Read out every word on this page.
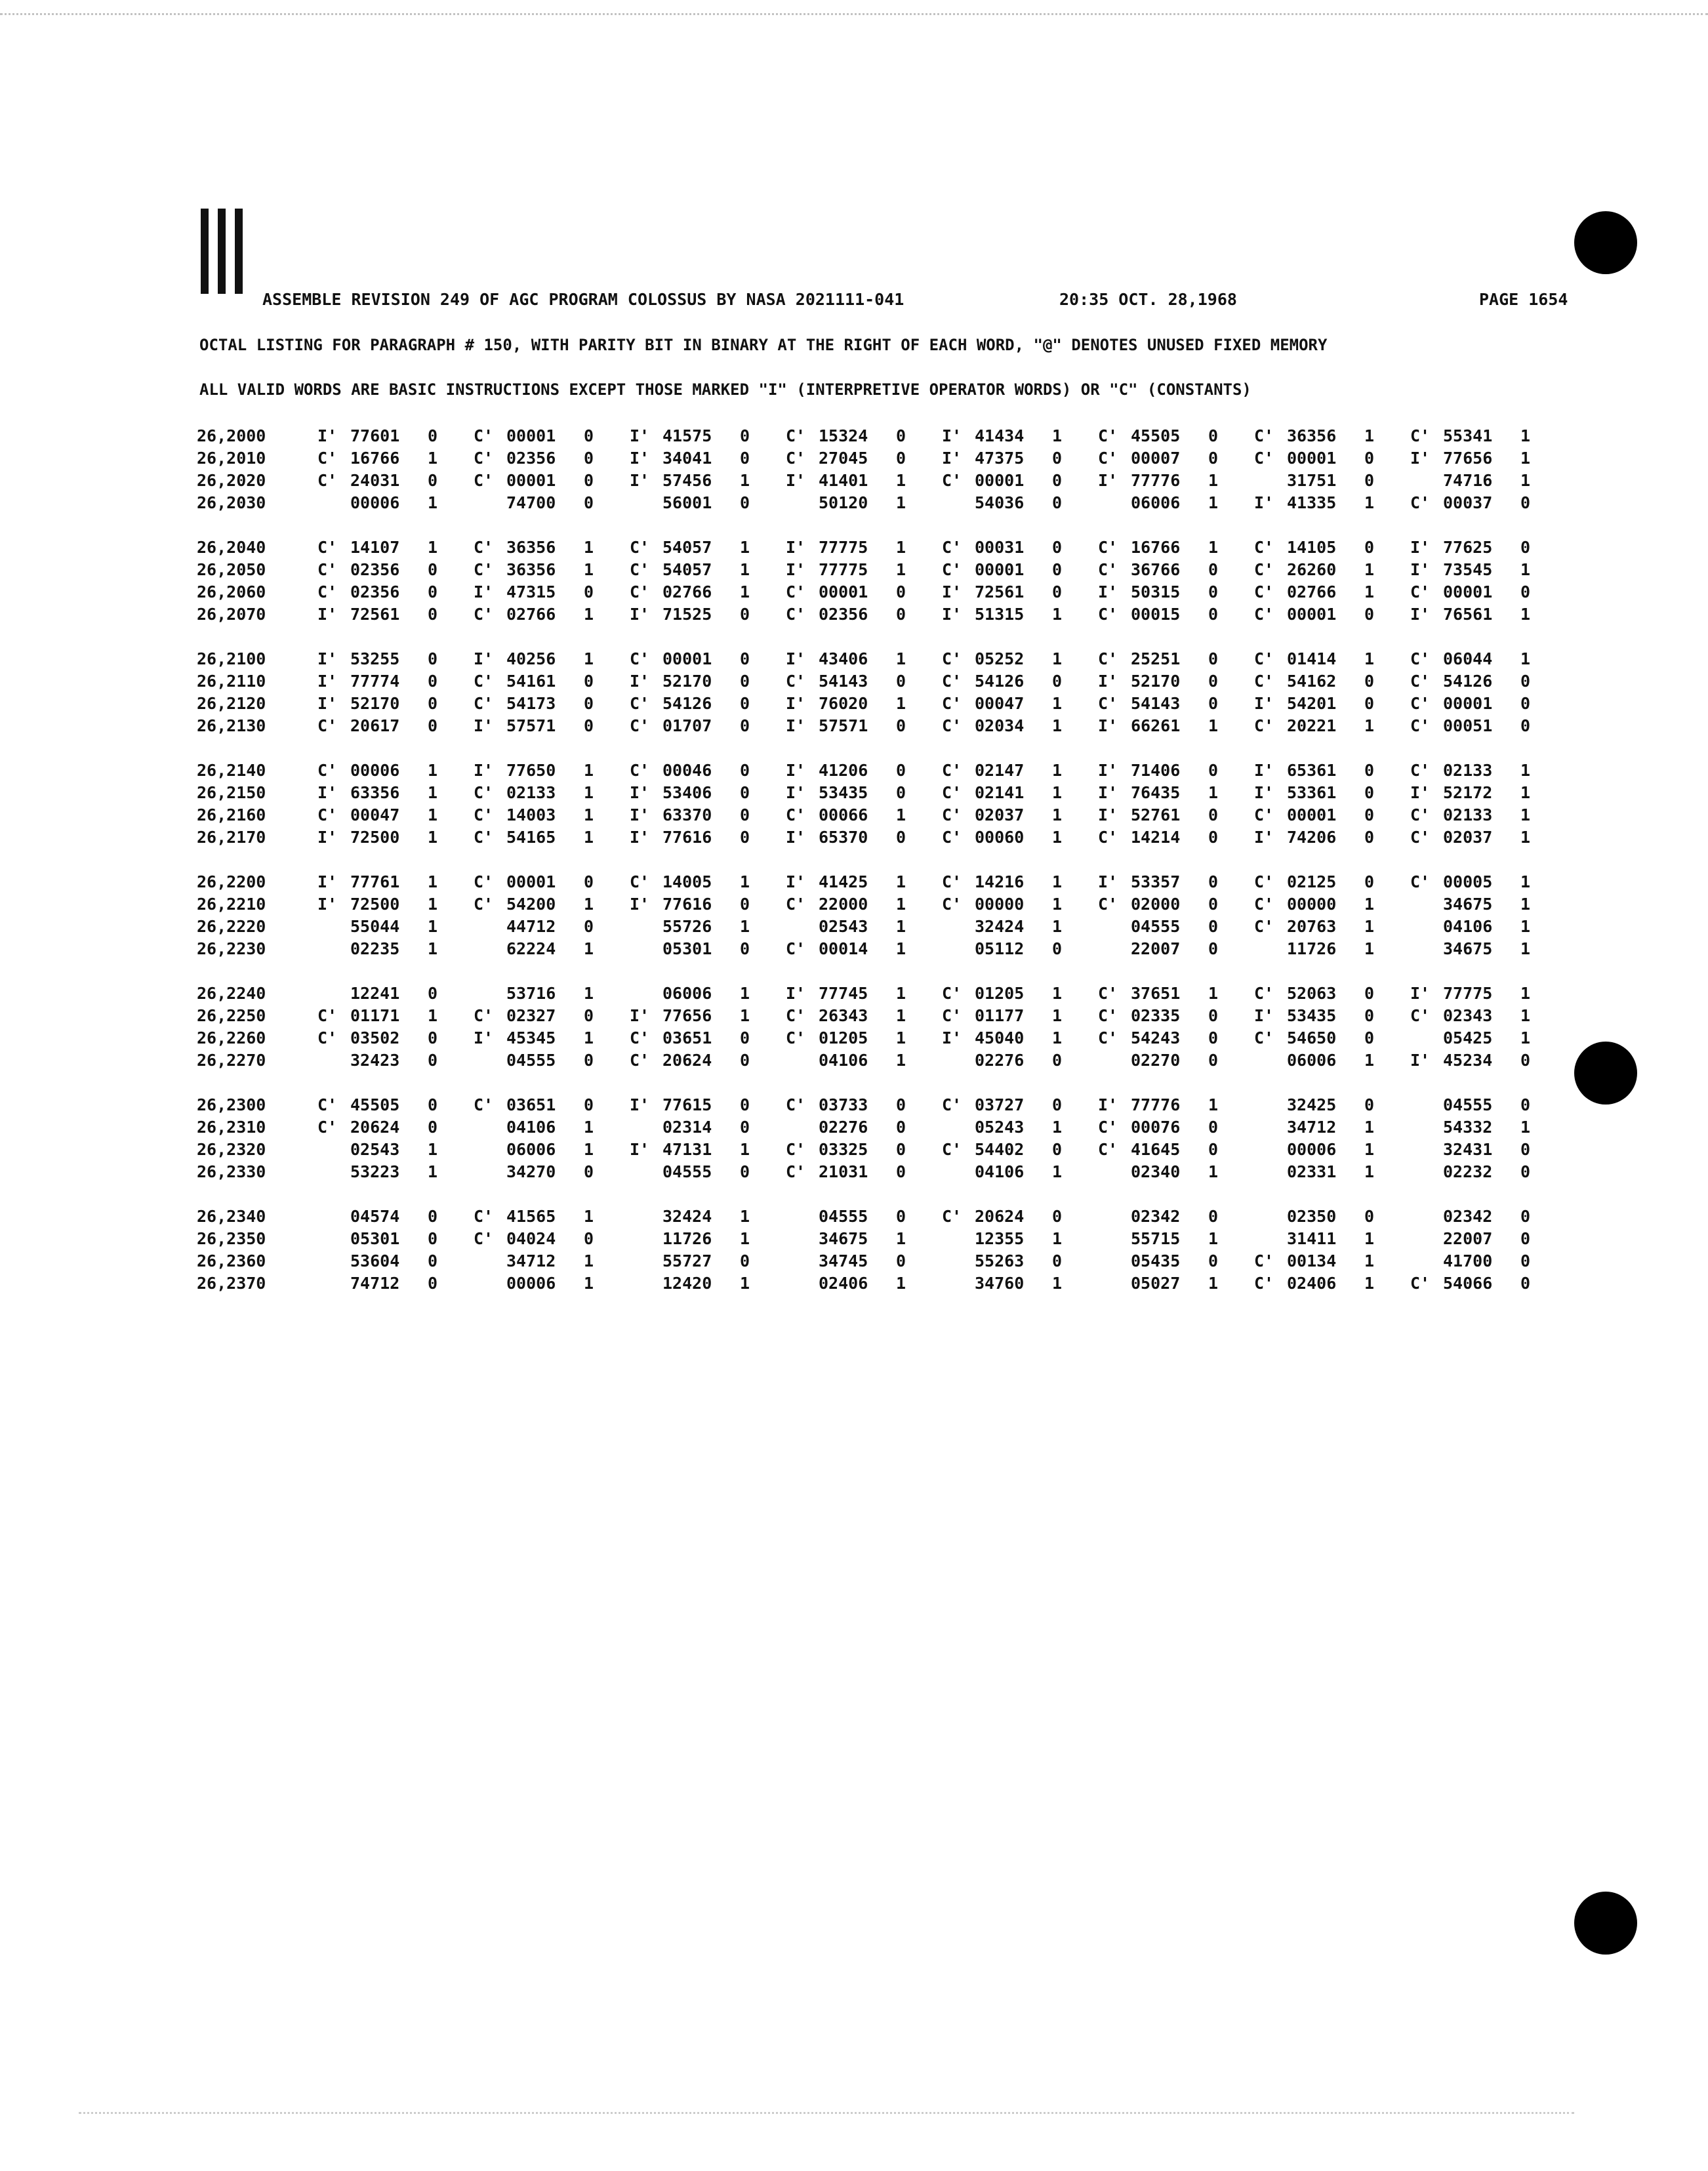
ASSEMBLE REVISION 249 OF AGC PROGRAM COLOSSUS BY NASA 2021111-041	20:35 OCT. 28,1968	PAGE 1654
OCTAL LISTING FOR PARAGRAPH # 150, WITH PARITY BIT IN BINARY AT THE RIGHT OF EACH WORD, "@" DENOTES UNUSED FIXED MEMORY
ALL VALID WORDS ARE BASIC INSTRUCTIONS EXCEPT THOSE MARKED "I" (INTERPRETIVE OPERATOR WORDS) OR "C" (CONSTANTS)
26,2000	I' 77601	0	C' 00001	0	I' 41575	0	C' 15324	0	I' 41434	1	C' 45505	0	C' 36356	1	C' 55341	1
26,2010	C' 16766	1	C' 02356	0	I' 34041	0	C' 27045	0	I' 47375	0	C' 00007	0	C' 00001	0	I' 77656	1
26,2020	C' 24031	0	C' 00001	0	I' 57456	1	I' 41401	1	C' 00001	0	I' 77776	1	31751	0	74716	1
26,2030	00006	1	74700	0	56001	0	50120	1	54036	0	06006	1	I' 41335	1	C' 00037	0
26,2040	C' 14107	1	C' 36356	1	C' 54057	1	I' 77775	1	C' 00031	0	C' 16766	1	C' 14105	0	I' 77625	0
26,2050	C' 02356	0	C' 36356	1	C' 54057	1	I' 77775	1	C' 00001	0	C' 36766	0	C' 26260	1	I' 73545	1
26,2060	C' 02356	0	I' 47315	0	C' 02766	1	C' 00001	0	I' 72561	0	I' 50315	0	C' 02766	1	C' 00001	0
26,2070	I' 72561	0	C' 02766	1	I' 71525	0	C' 02356	0	I' 51315	1	C' 00015	0	C' 00001	0	I' 76561	1
26,2100	I' 53255	0	I' 40256	1	C' 00001	0	I' 43406	1	C' 05252	1	C' 25251	0	C' 01414	1	C' 06044	1
26,2110	I' 77774	0	C' 54161	0	I' 52170	0	C' 54143	0	C' 54126	0	I' 52170	0	C' 54162	0	C' 54126	0
26,2120	I' 52170	0	C' 54173	0	C' 54126	0	I' 76020	1	C' 00047	1	C' 54143	0	I' 54201	0	C' 00001	0
26,2130	C' 20617	0	I' 57571	0	C' 01707	0	I' 57571	0	C' 02034	1	I' 66261	1	C' 20221	1	C' 00051	0
26,2140	C' 00006	1	I' 77650	1	C' 00046	0	I' 41206	0	C' 02147	1	I' 71406	0	I' 65361	0	C' 02133	1
26,2150	I' 63356	1	C' 02133	1	I' 53406	0	I' 53435	0	C' 02141	1	I' 76435	1	I' 53361	0	I' 52172	1
26,2160	C' 00047	1	C' 14003	1	I' 63370	0	C' 00066	1	C' 02037	1	I' 52761	0	C' 00001	0	C' 02133	1
26,2170	I' 72500	1	C' 54165	1	I' 77616	0	I' 65370	0	C' 00060	1	C' 14214	0	I' 74206	0	C' 02037	1
26,2200	I' 77761	1	C' 00001	0	C' 14005	1	I' 41425	1	C' 14216	1	I' 53357	0	C' 02125	0	C' 00005	1
26,2210	I' 72500	1	C' 54200	1	I' 77616	0	C' 22000	1	C' 00000	1	C' 02000	0	C' 00000	1	34675	1
26,2220	55044	1	44712	0	55726	1	02543	1	32424	1	04555	0	C' 20763	1	04106	1
26,2230	02235	1	62224	1	05301	0	C' 00014	1	05112	0	22007	0	11726	1	34675	1
26,2240	12241	0	53716	1	06006	1	I' 77745	1	C' 01205	1	C' 37651	1	C' 52063	0	I' 77775	1
26,2250	C' 01171	1	C' 02327	0	I' 77656	1	C' 26343	1	C' 01177	1	C' 02335	0	I' 53435	0	C' 02343	1
26,2260	C' 03502	0	I' 45345	1	C' 03651	0	C' 01205	1	I' 45040	1	C' 54243	0	C' 54650	0	05425	1
26,2270	32423	0	04555	0	C' 20624	0	04106	1	02276	0	02270	0	06006	1	I' 45234	0
26,2300	C' 45505	0	C' 03651	0	I' 77615	0	C' 03733	0	C' 03727	0	I' 77776	1	32425	0	04555	0
26,2310	C' 20624	0	04106	1	02314	0	02276	0	05243	1	C' 00076	0	34712	1	54332	1
26,2320	02543	1	06006	1	I' 47131	1	C' 03325	0	C' 54402	0	C' 41645	0	00006	1	32431	0
26,2330	53223	1	34270	0	04555	0	C' 21031	0	04106	1	02340	1	02331	1	02232	0
26,2340	04574	0	C' 41565	1	32424	1	04555	0	C' 20624	0	02342	0	02350	0	02342	0
26,2350	05301	0	C' 04024	0	11726	1	34675	1	12355	1	55715	1	31411	1	22007	0
26,2360	53604	0	34712	1	55727	0	34745	0	55263	0	05435	0	C' 00134	1	41700	0
26,2370	74712	0	00006	1	12420	1	02406	1	34760	1	05027	1	C' 02406	1	C' 54066	0
